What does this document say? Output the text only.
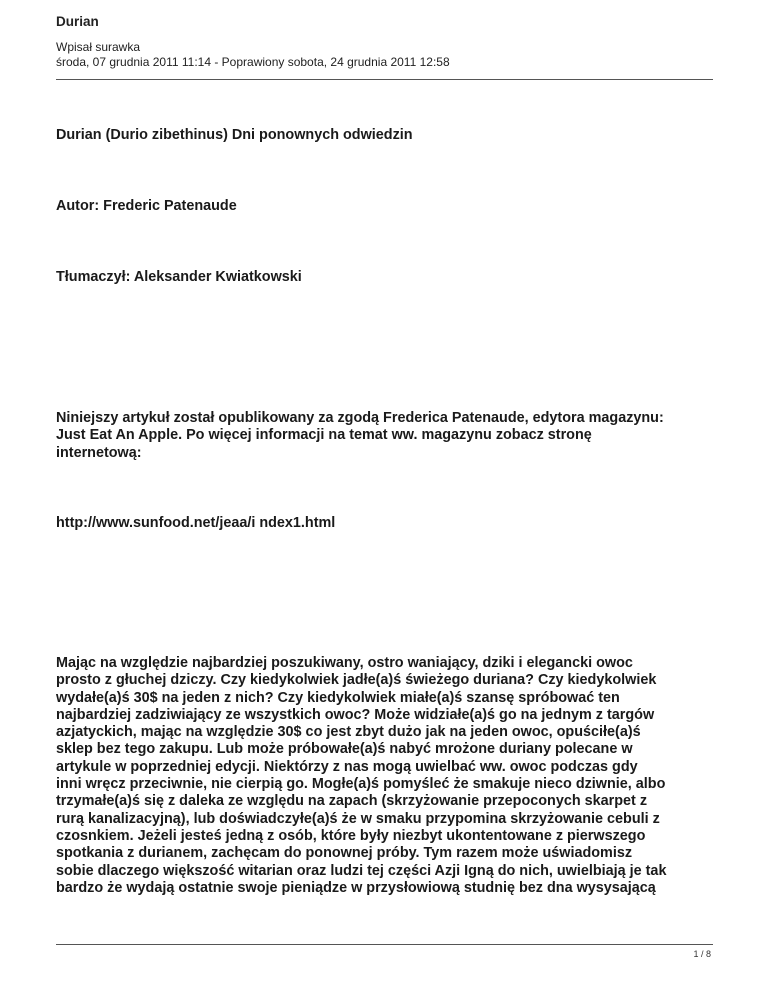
Durian
Wpisał surawka
środa, 07 grudnia 2011 11:14 - Poprawiony sobota, 24 grudnia 2011 12:58
Durian (Durio zibethinus) Dni ponownych odwiedzin
Autor: Frederic Patenaude
Tłumaczył: Aleksander Kwiatkowski
Niniejszy artykuł został opublikowany za zgodą Frederica Patenaude, edytora magazynu:
Just Eat An Apple. Po więcej informacji na temat ww. magazynu zobacz stronę
internetową:
http://www.sunfood.net/jeaa/i ndex1.html
Mając na względzie najbardziej poszukiwany, ostro waniający, dziki i elegancki owoc
prosto z głuchej dziczy. Czy kiedykolwiek jadłe(a)ś świeżego duriana? Czy kiedykolwiek
wydałe(a)ś 30$ na jeden z nich? Czy kiedykolwiek miałe(a)ś szansę spróbować ten
najbardziej zadziwiający ze wszystkich owoc? Może widziałe(a)ś go na jednym z targów
azjatyckich, mając na względzie 30$ co jest zbyt dużo jak na jeden owoc, opuściłe(a)ś
sklep bez tego zakupu. Lub może próbowałe(a)ś nabyć mrożone duriany polecane w
artykule w poprzedniej edycji. Niektórzy z nas mogą uwielbać ww. owoc podczas gdy
inni wręcz przeciwnie, nie cierpią go. Mogłe(a)ś pomyśleć że smakuje nieco dziwnie, albo
trzymałe(a)ś się z daleka ze względu na zapach (skrzyżowanie przepoconych skarpet z
rurą kanalizacyjną), lub doświadczyłe(a)ś że w smaku przypomina skrzyżowanie cebuli z
czosnkiem. Jeżeli jesteś jedną z osób, które były niezbyt ukontentowane z pierwszego
spotkania z durianem, zachęcam do ponownej próby. Tym razem może uświadomisz
sobie dlaczego większość witarian oraz ludzi tej części Azji Igną do nich, uwielbiają je tak
bardzo że wydają ostatnie swoje pieniądze w przysłowiową studnię bez dna wysysającą
1 / 8
